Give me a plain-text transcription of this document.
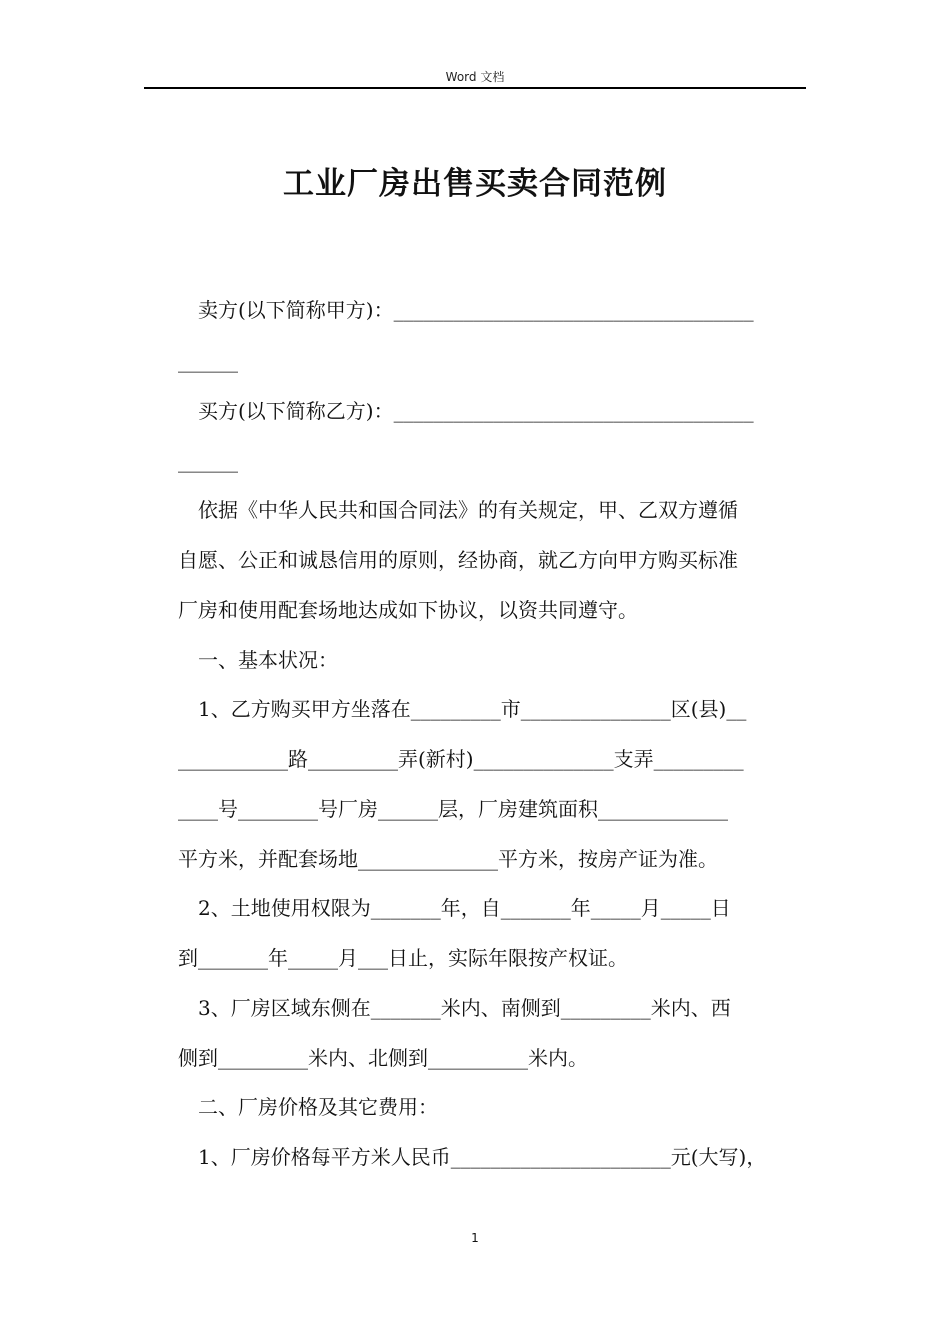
Word 文档
工业厂房出售买卖合同范例
卖方(以下简称甲方)：____________________________________
______
买方(以下简称乙方)：____________________________________
______
依据《中华人民共和国合同法》的有关规定，甲、乙双方遵循
自愿、公正和诚恳信用的原则，经协商，就乙方向甲方购买标准
厂房和使用配套场地达成如下协议，以资共同遵守。
一、基本状况：
1、乙方购买甲方坐落在_________市_______________区(县)__
___________路_________弄(新村)______________支弄_________
____号________号厂房______层，厂房建筑面积_____________
平方米，并配套场地______________平方米，按房产证为准。
2、土地使用权限为_______年，自_______年_____月_____日
到_______年_____月___日止，实际年限按产权证。
3、厂房区域东侧在_______米内、南侧到_________米内、西
侧到_________米内、北侧到__________米内。
二、厂房价格及其它费用：
1、厂房价格每平方米人民币______________________元(大写)，
1
